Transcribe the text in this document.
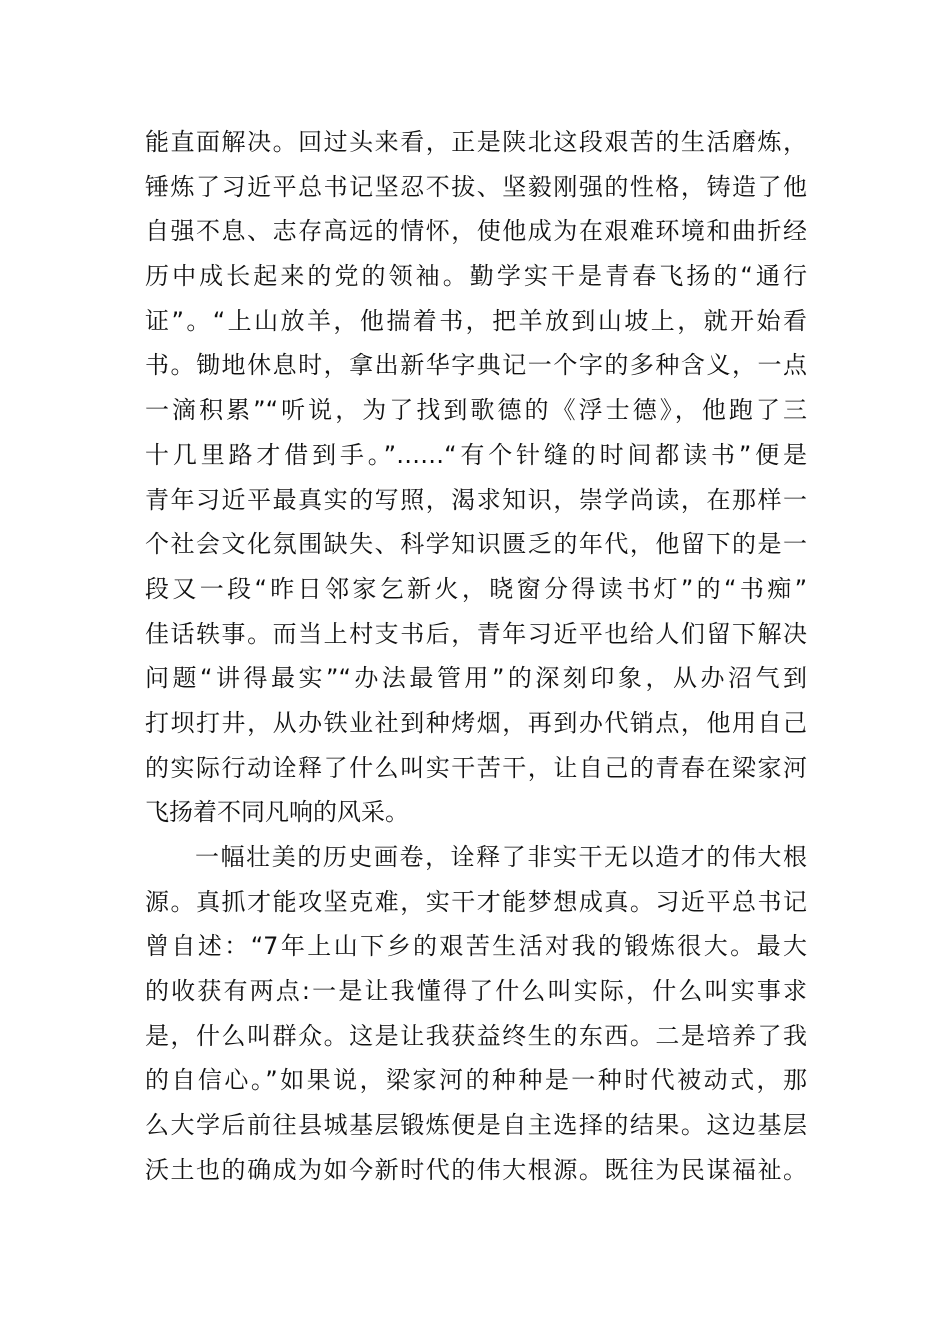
能直面解决。回过头来看，正是陕北这段艰苦的生活磨炼，
锤炼了习近平总书记坚忍不拔、坚毅刚强的性格，铸造了他
自强不息、志存高远的情怀，使他成为在艰难环境和曲折经
历中成长起来的党的领袖。勤学实干是青春飞扬的“通行
证”。“上山放羊，他揣着书，把羊放到山坡上，就开始看
书。锄地休息时，拿出新华字典记一个字的多种含义，一点
一滴积累”“听说，为了找到歌德的《浮士德》，他跑了三
十几里路才借到手。”……“有个针缝的时间都读书”便是
青年习近平最真实的写照，渴求知识，崇学尚读，在那样一
个社会文化氛围缺失、科学知识匮乏的年代，他留下的是一
段又一段“昨日邻家乞新火，晓窗分得读书灯”的“书痴”
佳话轶事。而当上村支书后，青年习近平也给人们留下解决
问题“讲得最实”“办法最管用”的深刻印象，从办沼气到
打坝打井，从办铁业社到种烤烟，再到办代销点，他用自己
的实际行动诠释了什么叫实干苦干，让自己的青春在梁家河
飞扬着不同凡响的风采。
一幅壮美的历史画卷，诠释了非实干无以造才的伟大根
源。真抓才能攻坚克难，实干才能梦想成真。习近平总书记
曾自述：“7年上山下乡的艰苦生活对我的锻炼很大。最大
的收获有两点:一是让我懂得了什么叫实际，什么叫实事求
是，什么叫群众。这是让我获益终生的东西。二是培养了我
的自信心。”如果说，梁家河的种种是一种时代被动式，那
么大学后前往县城基层锻炼便是自主选择的结果。这边基层
沃土也的确成为如今新时代的伟大根源。既往为民谋福祉。
